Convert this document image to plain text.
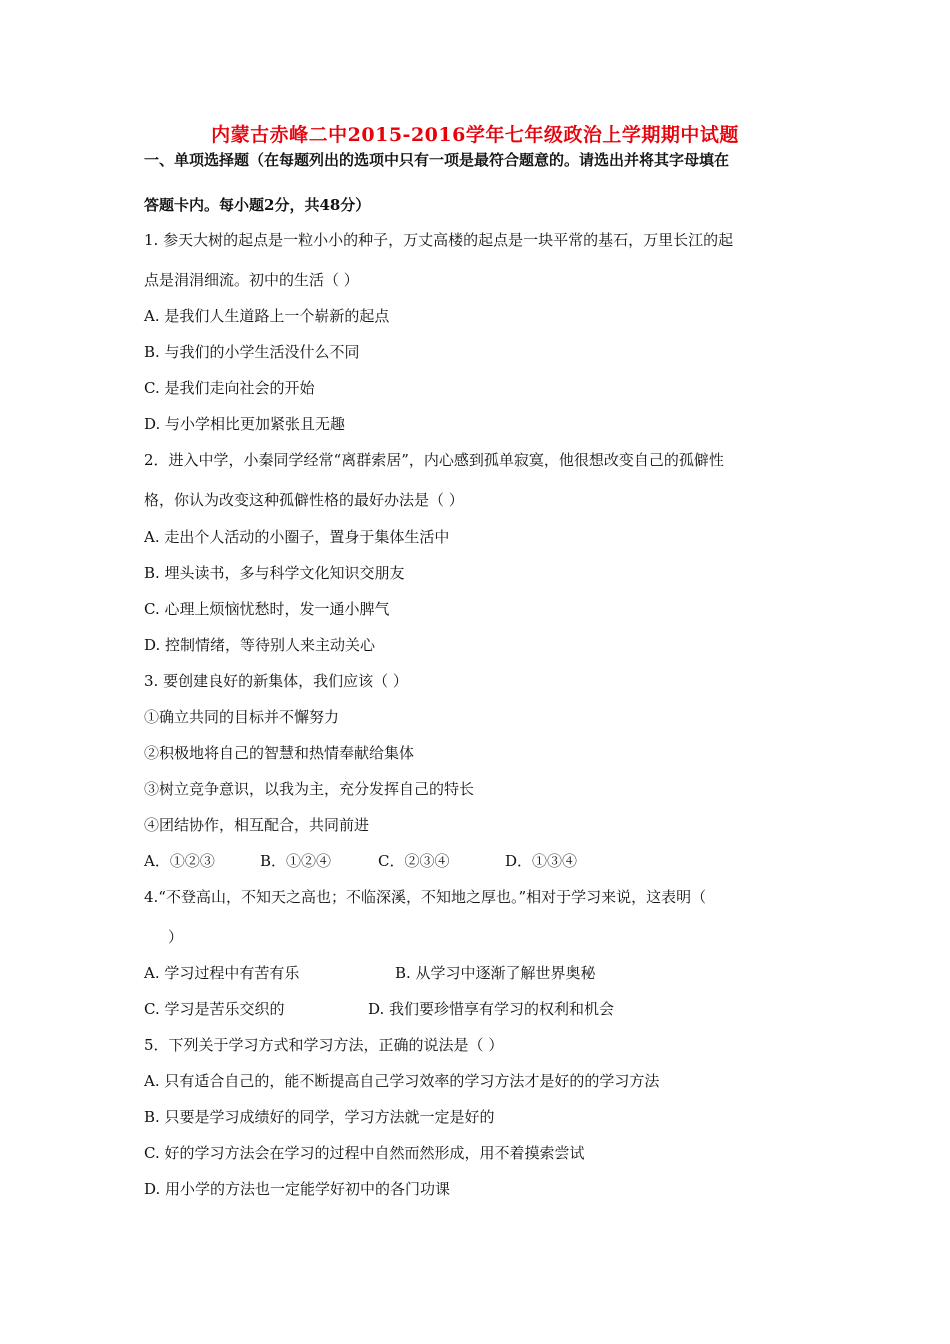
内蒙古赤峰二中2015-2016学年七年级政治上学期期中试题
一、单项选择题（在每题列出的选项中只有一项是最符合题意的。请选出并将其字母填在
答题卡内。每小题2分，共48分）
1. 参天大树的起点是一粒小小的种子，万丈高楼的起点是一块平常的基石，万里长江的起
点是涓涓细流。初中的生活（ ）
A. 是我们人生道路上一个崭新的起点
B. 与我们的小学生活没什么不同
C. 是我们走向社会的开始
D. 与小学相比更加紧张且无趣
2．进入中学，小秦同学经常“离群索居”，内心感到孤单寂寞，他很想改变自己的孤僻性
格，你认为改变这种孤僻性格的最好办法是（ ）
A. 走出个人活动的小圈子，置身于集体生活中
B. 埋头读书，多与科学文化知识交朋友
C. 心理上烦恼忧愁时，发一通小脾气
D. 控制情绪，等待别人来主动关心
3. 要创建良好的新集体，我们应该（ ）
①确立共同的目标并不懈努力
②积极地将自己的智慧和热情奉献给集体
③树立竞争意识，以我为主，充分发挥自己的特长
④团结协作，相互配合，共同前进
A．①②③	B．①②④	C．②③④	D．①③④
4.“不登高山，不知天之高也；不临深溪，不知地之厚也。”相对于学习来说，这表明（
）
A. 学习过程中有苦有乐	B. 从学习中逐渐了解世界奥秘
C. 学习是苦乐交织的	D. 我们要珍惜享有学习的权利和机会
5．下列关于学习方式和学习方法，正确的说法是（ ）
A. 只有适合自己的，能不断提高自己学习效率的学习方法才是好的的学习方法
B. 只要是学习成绩好的同学，学习方法就一定是好的
C. 好的学习方法会在学习的过程中自然而然形成，用不着摸索尝试
D. 用小学的方法也一定能学好初中的各门功课
